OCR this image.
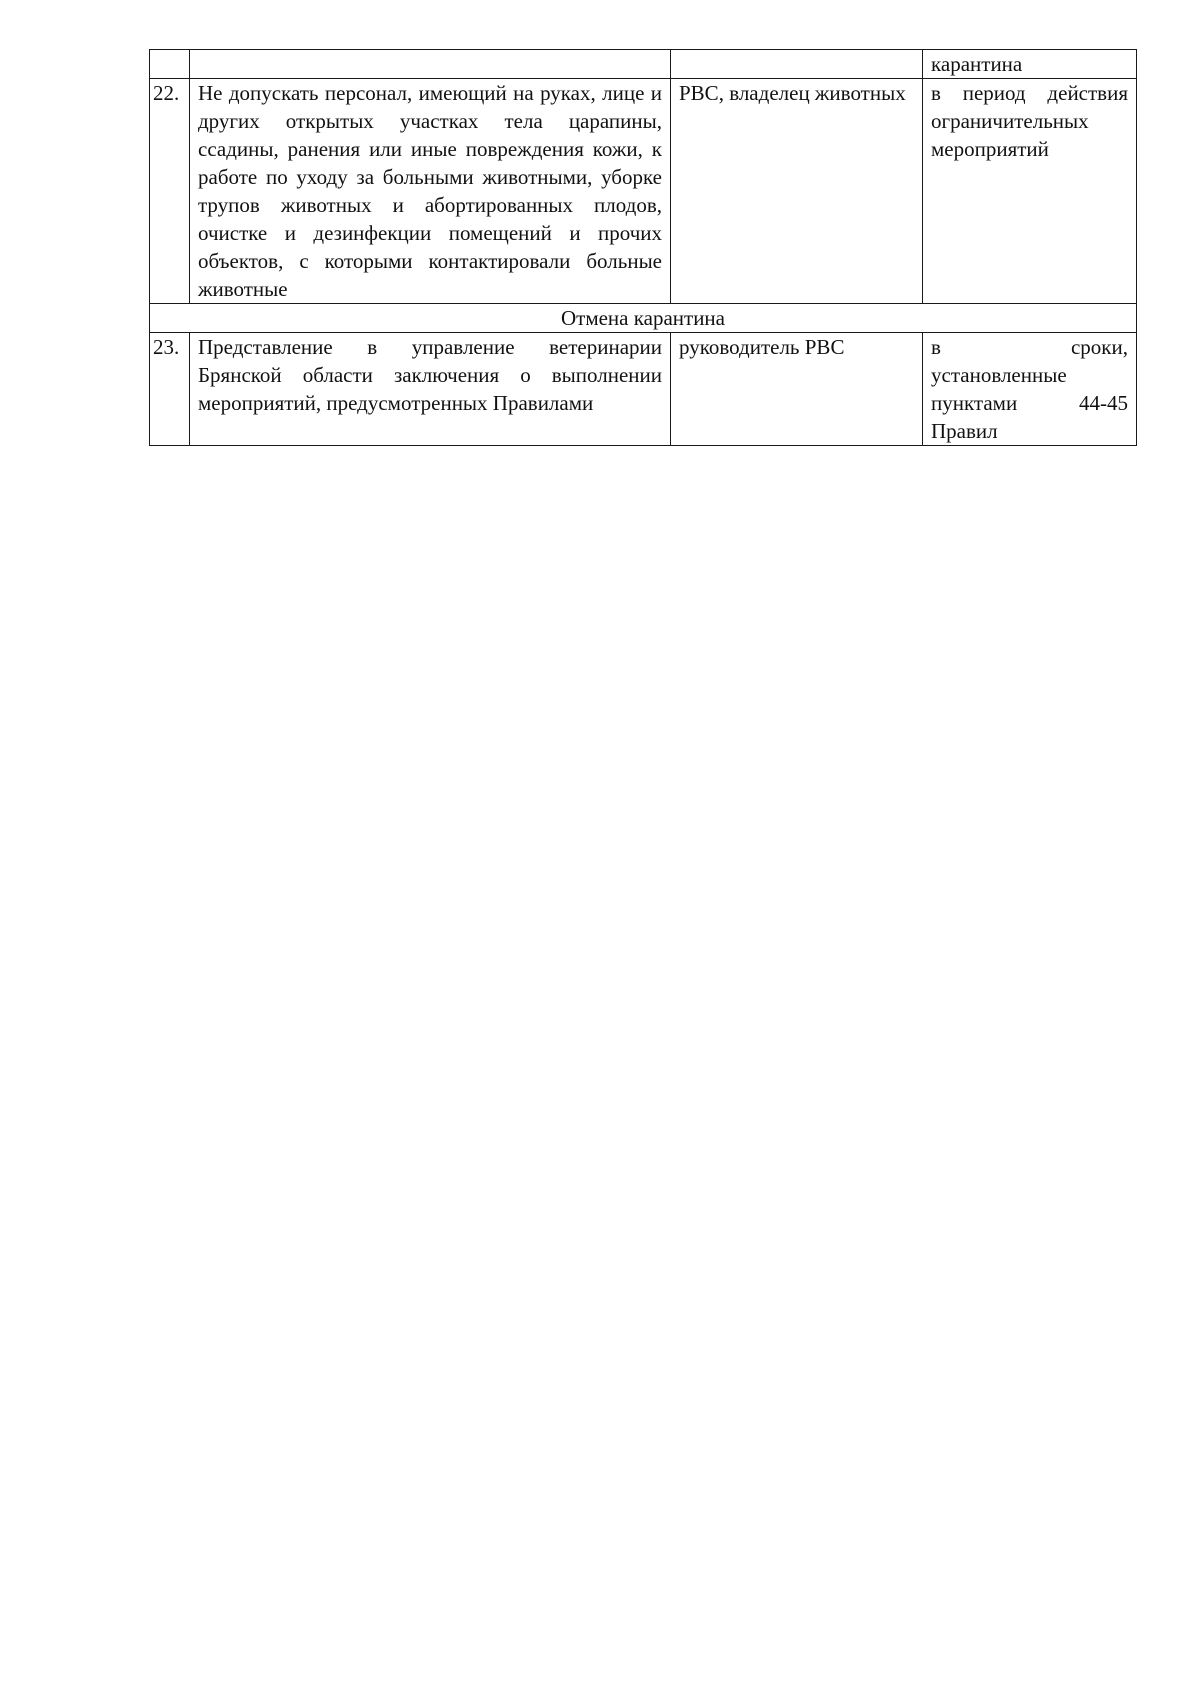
			карантина
22.	Не допускать персонал, имеющий на руках, лице и других открытых участках тела царапины, ссадины, ранения или иные повреждения кожи, к работе по уходу за больными животными, уборке трупов животных и абортированных плодов, очистке и дезинфекции помещений и прочих объектов, с которыми контактировали больные животные	РВС, владелец животных	в период действия ограничительных мероприятий
Отмена карантина			
23.	Представление в управление ветеринарии Брянской области заключения о выполнении мероприятий, предусмотренных Правилами	руководитель РВС	в сроки, установленные пунктами 44-45 Правил
